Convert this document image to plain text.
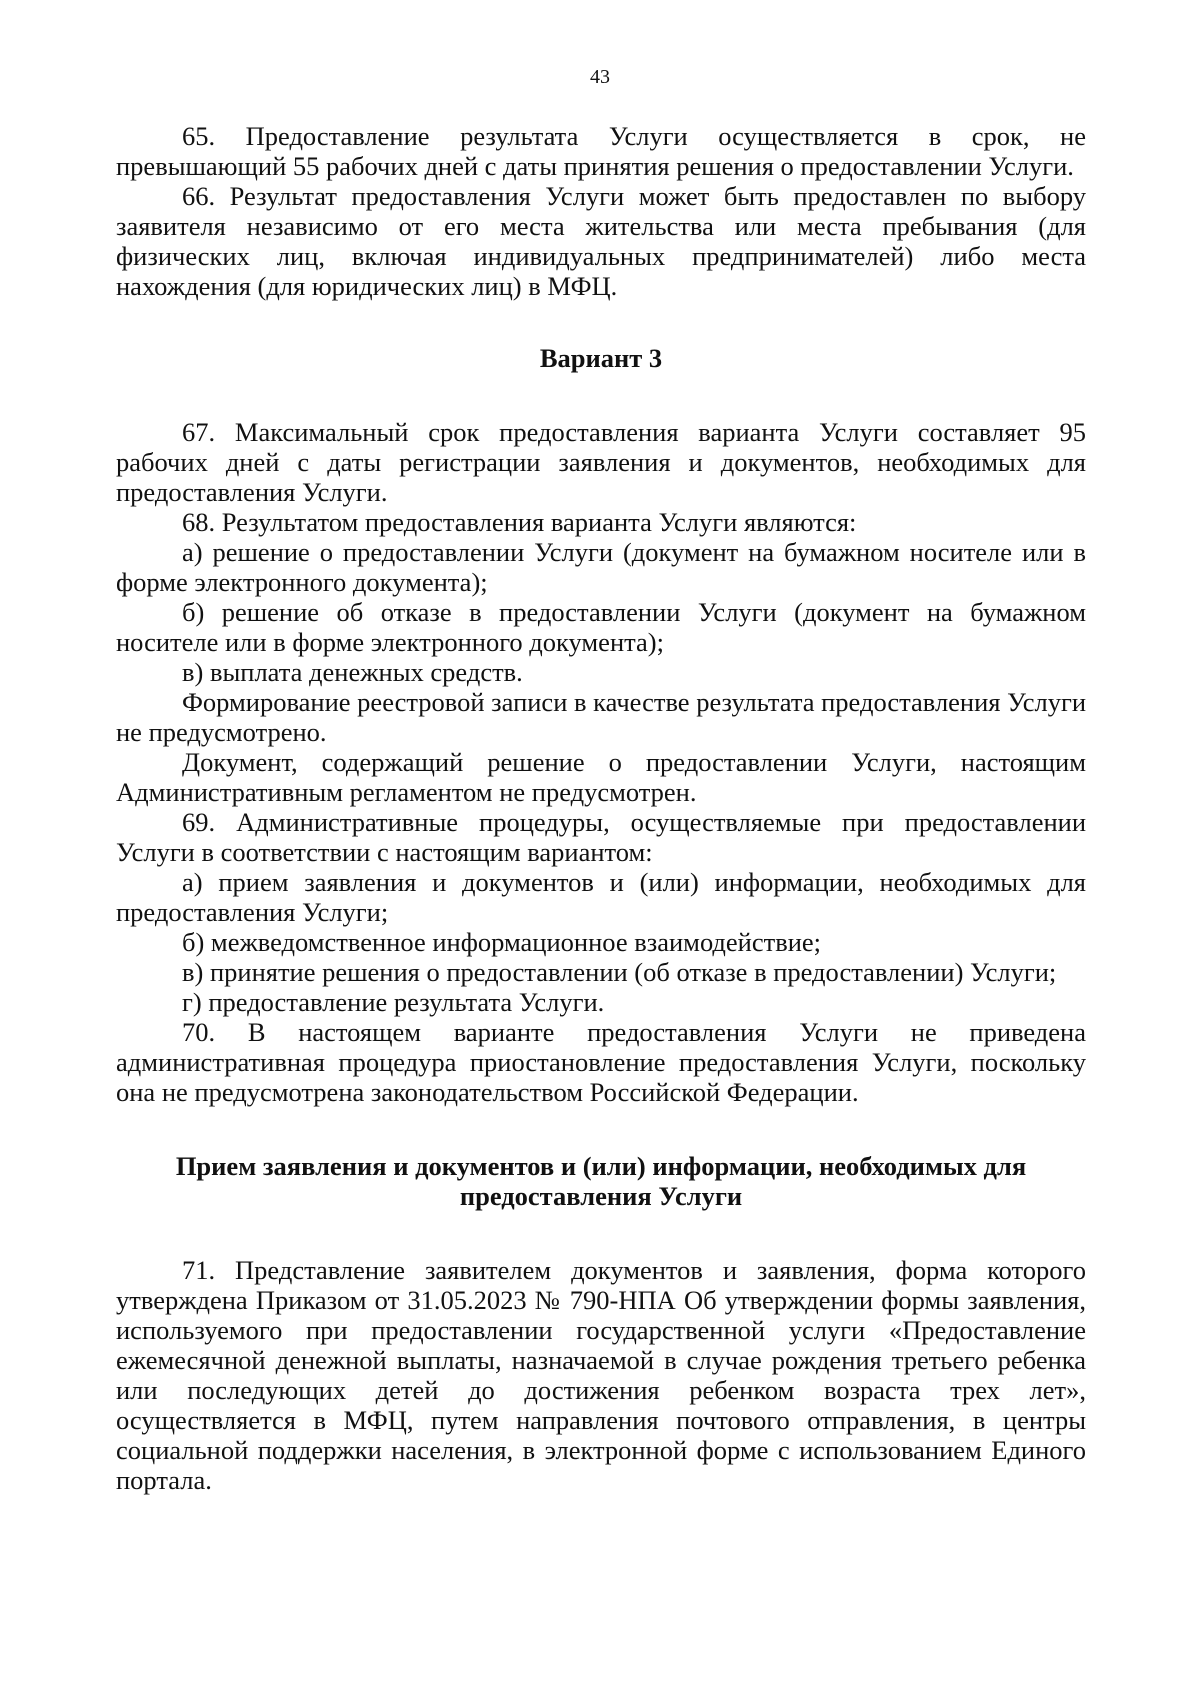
43

65. Предоставление результата Услуги осуществляется в срок, не превышающий 55 рабочих дней с даты принятия решения о предоставлении Услуги.

66. Результат предоставления Услуги может быть предоставлен по выбору заявителя независимо от его места жительства или места пребывания (для физических лиц, включая индивидуальных предпринимателей) либо места нахождения (для юридических лиц) в МФЦ.

Вариант 3

67. Максимальный срок предоставления варианта Услуги составляет 95 рабочих дней с даты регистрации заявления и документов, необходимых для предоставления Услуги.

68. Результатом предоставления варианта Услуги являются:

а) решение о предоставлении Услуги (документ на бумажном носителе или в форме электронного документа);

б) решение об отказе в предоставлении Услуги (документ на бумажном носителе или в форме электронного документа);

в) выплата денежных средств.

Формирование реестровой записи в качестве результата предоставления Услуги не предусмотрено.

Документ, содержащий решение о предоставлении Услуги, настоящим Административным регламентом не предусмотрен.

69. Административные процедуры, осуществляемые при предоставлении Услуги в соответствии с настоящим вариантом:

а) прием заявления и документов и (или) информации, необходимых для предоставления Услуги;

б) межведомственное информационное взаимодействие;

в) принятие решения о предоставлении (об отказе в предоставлении) Услуги;

г) предоставление результата Услуги.

70. В настоящем варианте предоставления Услуги не приведена административная процедура приостановление предоставления Услуги, поскольку она не предусмотрена законодательством Российской Федерации.

Прием заявления и документов и (или) информации, необходимых для предоставления Услуги

71. Представление заявителем документов и заявления, форма которого утверждена Приказом от 31.05.2023 № 790-НПА Об утверждении формы заявления, используемого при предоставлении государственной услуги «Предоставление ежемесячной денежной выплаты, назначаемой в случае рождения третьего ребенка или последующих детей до достижения ребенком возраста трех лет», осуществляется в МФЦ, путем направления почтового отправления, в центры социальной поддержки населения, в электронной форме с использованием Единого портала.
